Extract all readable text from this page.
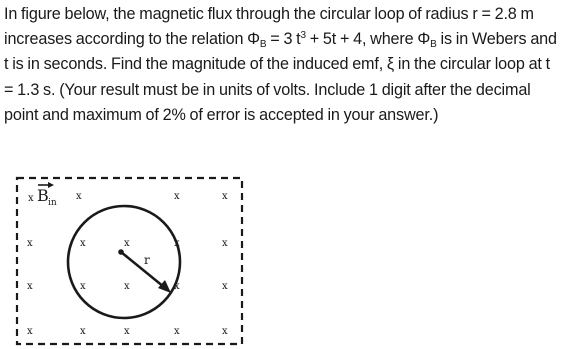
In figure below, the magnetic flux through the circular loop of radius r = 2.8 m increases according to the relation $\Phi_B = 3$ $t^3 + 5t + 4$, where $\Phi_B$ is in Webers and t is in seconds. Find the magnitude of the induced emf, ξ in the circular loop at t = 1.3 s. (Your result must be in units of volts. Include 1 digit after the decimal point and maximum of 2% of error is accepted in your answer.)

x B in
x	x	x
x	x	x	x	x
x	x	x	x	x
x	x	x	x	x
r
